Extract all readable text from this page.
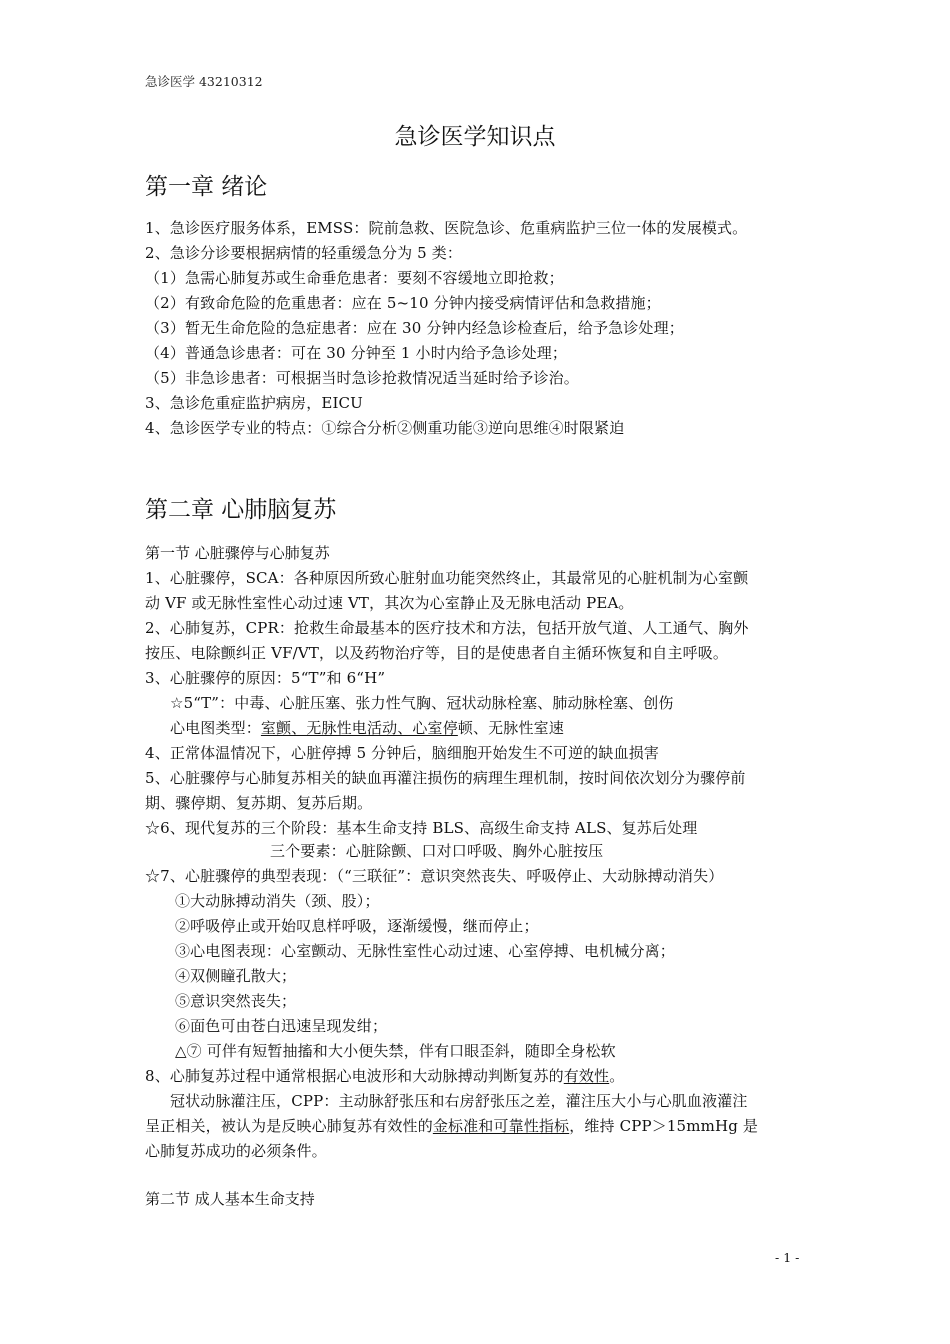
急诊医学 43210312
急诊医学知识点
第一章 绪论
1、急诊医疗服务体系，EMSS：院前急救、医院急诊、危重病监护三位一体的发展模式。
2、急诊分诊要根据病情的轻重缓急分为 5 类：
（1）急需心肺复苏或生命垂危患者：要刻不容缓地立即抢救；
（2）有致命危险的危重患者：应在 5~10 分钟内接受病情评估和急救措施；
（3）暂无生命危险的急症患者：应在 30 分钟内经急诊检查后，给予急诊处理；
（4）普通急诊患者：可在 30 分钟至 1 小时内给予急诊处理；
（5）非急诊患者：可根据当时急诊抢救情况适当延时给予诊治。
3、急诊危重症监护病房，EICU
4、急诊医学专业的特点：①综合分析②侧重功能③逆向思维④时限紧迫
第二章 心肺脑复苏
第一节 心脏骤停与心肺复苏
1、心脏骤停，SCA：各种原因所致心脏射血功能突然终止，其最常见的心脏机制为心室颤
动 VF 或无脉性室性心动过速 VT，其次为心室静止及无脉电活动 PEA。
2、心肺复苏，CPR：抢救生命最基本的医疗技术和方法，包括开放气道、人工通气、胸外
按压、电除颤纠正 VF/VT，以及药物治疗等，目的是使患者自主循环恢复和自主呼吸。
3、心脏骤停的原因：5“T”和 6“H”
☆5“T”：中毒、心脏压塞、张力性气胸、冠状动脉栓塞、肺动脉栓塞、创伤
心电图类型：室颤、无脉性电活动、心室停顿、无脉性室速
4、正常体温情况下，心脏停搏 5 分钟后，脑细胞开始发生不可逆的缺血损害
5、心脏骤停与心肺复苏相关的缺血再灌注损伤的病理生理机制，按时间依次划分为骤停前
期、骤停期、复苏期、复苏后期。
☆6、现代复苏的三个阶段：基本生命支持 BLS、高级生命支持 ALS、复苏后处理
三个要素：心脏除颤、口对口呼吸、胸外心脏按压
☆7、心脏骤停的典型表现：（“三联征”：意识突然丧失、呼吸停止、大动脉搏动消失）
①大动脉搏动消失（颈、股）；
②呼吸停止或开始叹息样呼吸，逐渐缓慢，继而停止；
③心电图表现：心室颤动、无脉性室性心动过速、心室停搏、电机械分离；
④双侧瞳孔散大；
⑤意识突然丧失；
⑥面色可由苍白迅速呈现发绀；
△⑦ 可伴有短暂抽搐和大小便失禁，伴有口眼歪斜，随即全身松软
8、心肺复苏过程中通常根据心电波形和大动脉搏动判断复苏的有效性。
冠状动脉灌注压，CPP：主动脉舒张压和右房舒张压之差，灌注压大小与心肌血液灌注
呈正相关，被认为是反映心肺复苏有效性的金标准和可靠性指标，维持 CPP＞15mmHg 是
心肺复苏成功的必须条件。
第二节 成人基本生命支持
- 1 -
